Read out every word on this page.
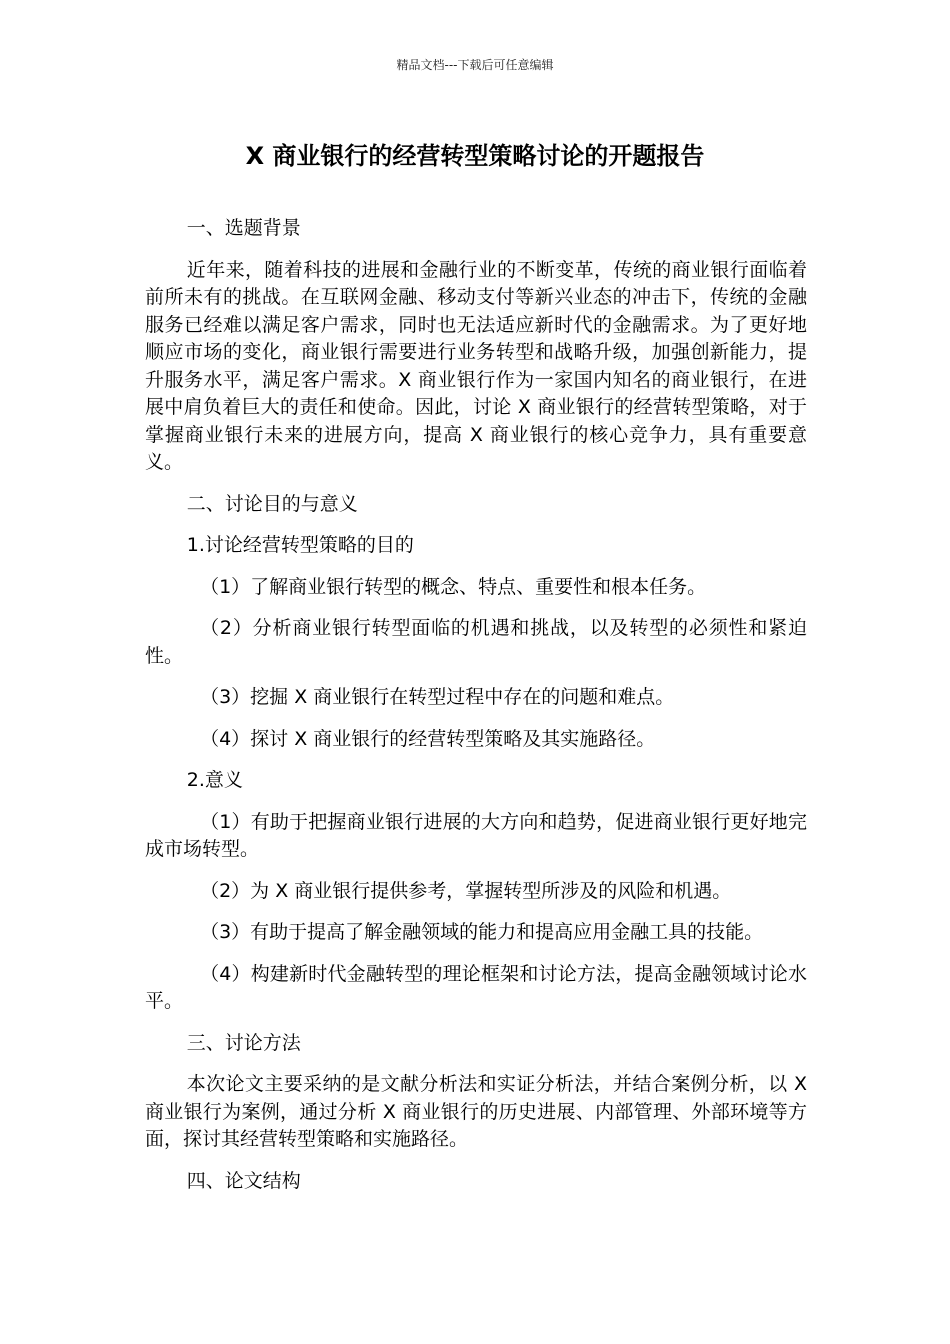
精品文档---下载后可任意编辑
X 商业银行的经营转型策略讨论的开题报告

一、选题背景

近年来，随着科技的进展和金融行业的不断变革，传统的商业银行面临着前所未有的挑战。在互联网金融、移动支付等新兴业态的冲击下，传统的金融服务已经难以满足客户需求，同时也无法适应新时代的金融需求。为了更好地顺应市场的变化，商业银行需要进行业务转型和战略升级，加强创新能力，提升服务水平，满足客户需求。X 商业银行作为一家国内知名的商业银行，在进展中肩负着巨大的责任和使命。因此，讨论 X 商业银行的经营转型策略，对于掌握商业银行未来的进展方向，提高 X 商业银行的核心竞争力，具有重要意义。

二、讨论目的与意义

1.讨论经营转型策略的目的

（1）了解商业银行转型的概念、特点、重要性和根本任务。

（2）分析商业银行转型面临的机遇和挑战，以及转型的必须性和紧迫性。

（3）挖掘 X 商业银行在转型过程中存在的问题和难点。

（4）探讨 X 商业银行的经营转型策略及其实施路径。

2.意义

（1）有助于把握商业银行进展的大方向和趋势，促进商业银行更好地完成市场转型。

（2）为 X 商业银行提供参考，掌握转型所涉及的风险和机遇。

（3）有助于提高了解金融领域的能力和提高应用金融工具的技能。

（4）构建新时代金融转型的理论框架和讨论方法，提高金融领域讨论水平。

三、讨论方法

本次论文主要采纳的是文献分析法和实证分析法，并结合案例分析，以 X 商业银行为案例，通过分析 X 商业银行的历史进展、内部管理、外部环境等方面，探讨其经营转型策略和实施路径。

四、论文结构
